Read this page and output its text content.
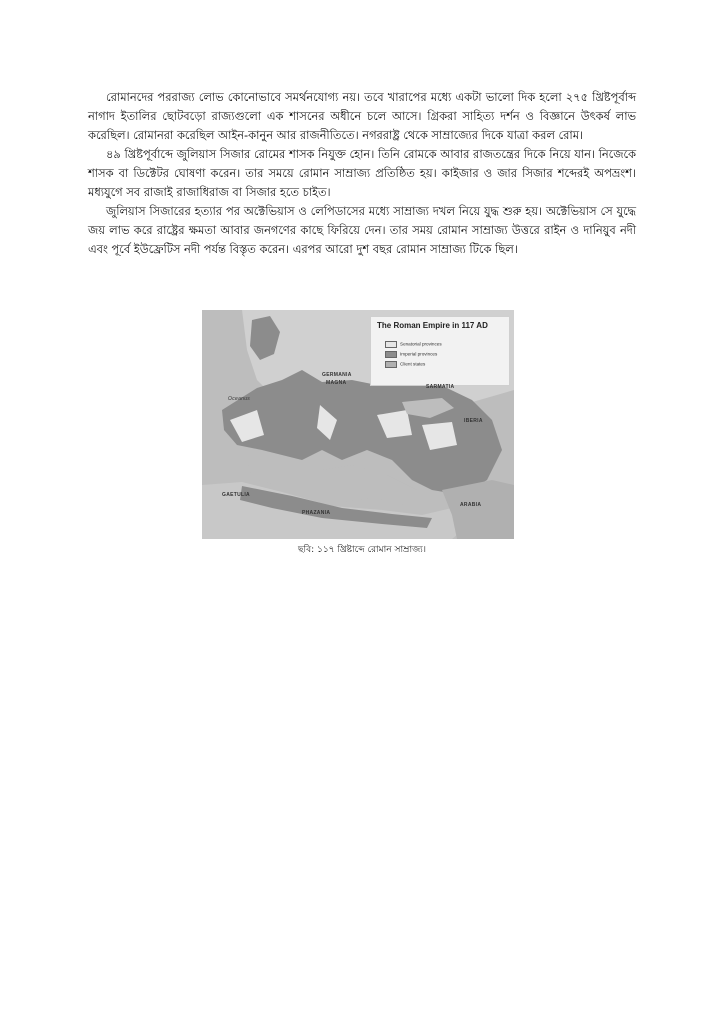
রোমানদের পররাজ্য লোভ কোনোভাবে সমর্থনযোগ্য নয়। তবে খারাপের মধ্যে একটা ভালো দিক হলো ২৭৫ খ্রিষ্টপূর্বাব্দ নাগাদ ইতালির ছোটবড়ো রাজ্যগুলো এক শাসনের অধীনে চলে আসে। গ্রিকরা সাহিত্য দর্শন ও বিজ্ঞানে উৎকর্ষ লাভ করেছিল। রোমানরা করেছিল আইন-কানুন আর রাজনীতিতে। নগররাষ্ট্র থেকে সাম্রাজ্যের দিকে যাত্রা করল রোম।

৪৯ খ্রিষ্টপূর্বাব্দে জুলিয়াস সিজার রোমের শাসক নিযুক্ত হোন। তিনি রোমকে আবার রাজতন্ত্রের দিকে নিয়ে যান। নিজেকে শাসক বা ডিক্টেটর ঘোষণা করেন। তার সময়ে রোমান সাম্রাজ্য প্রতিষ্ঠিত হয়। কাইজার ও জার সিজার শব্দেরই অপভ্রংশ। মধ্যযুগে সব রাজাই রাজাধিরাজ বা সিজার হতে চাইত।

জুলিয়াস সিজারের হত্যার পর অক্টেভিয়াস ও লেপিডাসের মধ্যে সাম্রাজ্য দখল নিয়ে যুদ্ধ শুরু হয়। অক্টেভিয়াস সে যুদ্ধে জয় লাভ করে রাষ্ট্রের ক্ষমতা আবার জনগণের কাছে ফিরিয়ে দেন। তার সময় রোমান সাম্রাজ্য উত্তরে রাইন ও দানিয়ুব নদী এবং পূর্বে ইউফ্রেটিস নদী পর্যন্ত বিস্তৃত করেন। এরপর আরো দুশ বছর রোমান সাম্রাজ্য টিকে ছিল।

The Roman Empire in 117 AD
Senatorial provinces
Imperial provinces
Client states
Oceanus
GERMANIA
MAGNA
SARMATIA
IBERIA
GAETULIA
PHAZANIA
ARABIA
ছবি: ১১৭ খ্রিষ্টাব্দে রোমান সাম্রাজ্য।
